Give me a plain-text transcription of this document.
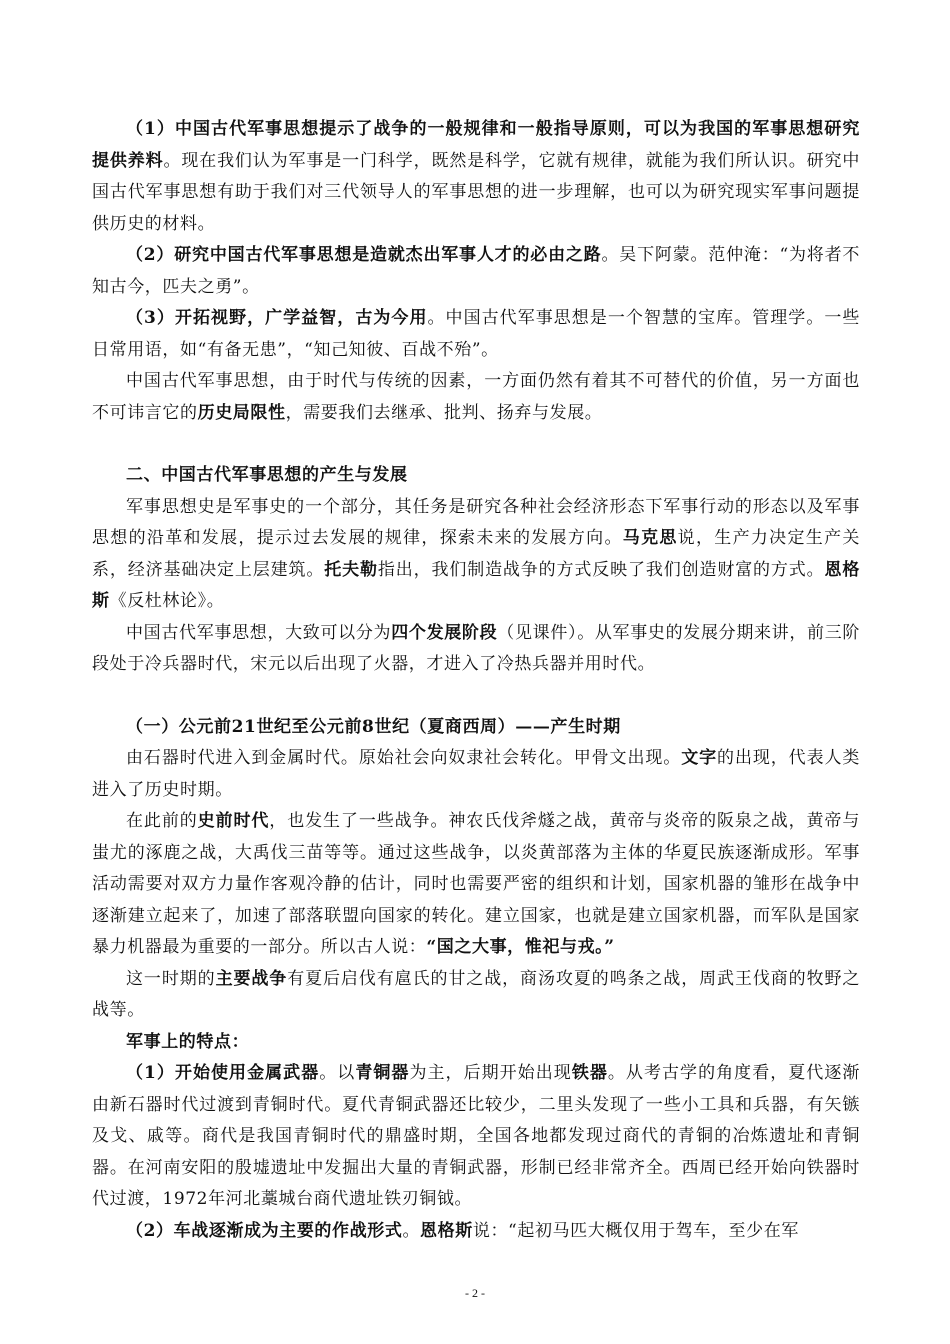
（1）中国古代军事思想提示了战争的一般规律和一般指导原则，可以为我国的军事思想研究提供养料。现在我们认为军事是一门科学，既然是科学，它就有规律，就能为我们所认识。研究中国古代军事思想有助于我们对三代领导人的军事思想的进一步理解，也可以为研究现实军事问题提供历史的材料。

（2）研究中国古代军事思想是造就杰出军事人才的必由之路。吴下阿蒙。范仲淹：“为将者不知古今，匹夫之勇”。

（3）开拓视野，广学益智，古为今用。中国古代军事思想是一个智慧的宝库。管理学。一些日常用语，如“有备无患”，“知己知彼、百战不殆”。

中国古代军事思想，由于时代与传统的因素，一方面仍然有着其不可替代的价值，另一方面也不可讳言它的历史局限性，需要我们去继承、批判、扬弃与发展。

二、中国古代军事思想的产生与发展

军事思想史是军事史的一个部分，其任务是研究各种社会经济形态下军事行动的形态以及军事思想的沿革和发展，提示过去发展的规律，探索未来的发展方向。马克思说，生产力决定生产关系，经济基础决定上层建筑。托夫勒指出，我们制造战争的方式反映了我们创造财富的方式。恩格斯《反杜林论》。

中国古代军事思想，大致可以分为四个发展阶段（见课件）。从军事史的发展分期来讲，前三阶段处于冷兵器时代，宋元以后出现了火器，才进入了冷热兵器并用时代。

（一）公元前21世纪至公元前8世纪（夏商西周）——产生时期

由石器时代进入到金属时代。原始社会向奴隶社会转化。甲骨文出现。文字的出现，代表人类进入了历史时期。

在此前的史前时代，也发生了一些战争。神农氏伐斧燧之战，黄帝与炎帝的阪泉之战，黄帝与蚩尤的涿鹿之战，大禹伐三苗等等。通过这些战争，以炎黄部落为主体的华夏民族逐渐成形。军事活动需要对双方力量作客观冷静的估计，同时也需要严密的组织和计划，国家机器的雏形在战争中逐渐建立起来了，加速了部落联盟向国家的转化。建立国家，也就是建立国家机器，而军队是国家暴力机器最为重要的一部分。所以古人说：“国之大事，惟祀与戎。”

这一时期的主要战争有夏后启伐有扈氏的甘之战，商汤攻夏的鸣条之战，周武王伐商的牧野之战等。

军事上的特点：

（1）开始使用金属武器。以青铜器为主，后期开始出现铁器。从考古学的角度看，夏代逐渐由新石器时代过渡到青铜时代。夏代青铜武器还比较少，二里头发现了一些小工具和兵器，有矢镞及戈、戚等。商代是我国青铜时代的鼎盛时期，全国各地都发现过商代的青铜的冶炼遗址和青铜器。在河南安阳的殷墟遗址中发掘出大量的青铜武器，形制已经非常齐全。西周已经开始向铁器时代过渡，1972年河北藁城台商代遗址铁刃铜钺。

（2）车战逐渐成为主要的作战形式。恩格斯说：“起初马匹大概仅用于驾车，至少在军

- 2 -
